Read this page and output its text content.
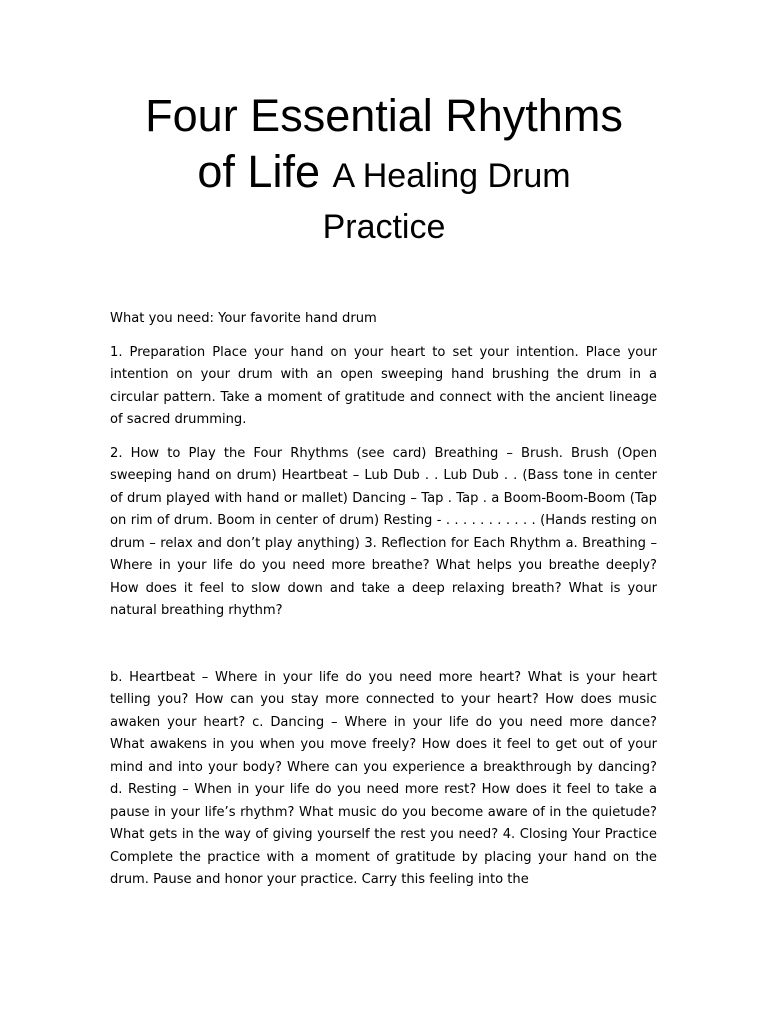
Four Essential Rhythms
of Life A Healing Drum
Practice

What you need: Your favorite hand drum

1. Preparation Place your hand on your heart to set your intention. Place your intention on your drum with an open sweeping hand brushing the drum in a circular pattern. Take a moment of gratitude and connect with the ancient lineage of sacred drumming.

2. How to Play the Four Rhythms (see card) Breathing – Brush. Brush (Open sweeping hand on drum) Heartbeat – Lub Dub . . Lub Dub . . (Bass tone in center of drum played with hand or mallet) Dancing – Tap . Tap . a Boom-Boom-Boom (Tap on rim of drum. Boom in center of drum) Resting - . . . . . . . . . . . (Hands resting on drum – relax and don’t play anything) 3. Reflection for Each Rhythm a. Breathing – Where in your life do you need more breathe? What helps you breathe deeply? How does it feel to slow down and take a deep relaxing breath? What is your natural breathing rhythm?

b. Heartbeat – Where in your life do you need more heart? What is your heart telling you? How can you stay more connected to your heart? How does music awaken your heart? c. Dancing – Where in your life do you need more dance? What awakens in you when you move freely? How does it feel to get out of your mind and into your body? Where can you experience a breakthrough by dancing? d. Resting – When in your life do you need more rest? How does it feel to take a pause in your life’s rhythm? What music do you become aware of in the quietude? What gets in the way of giving yourself the rest you need? 4. Closing Your Practice Complete the practice with a moment of gratitude by placing your hand on the drum. Pause and honor your practice. Carry this feeling into the
